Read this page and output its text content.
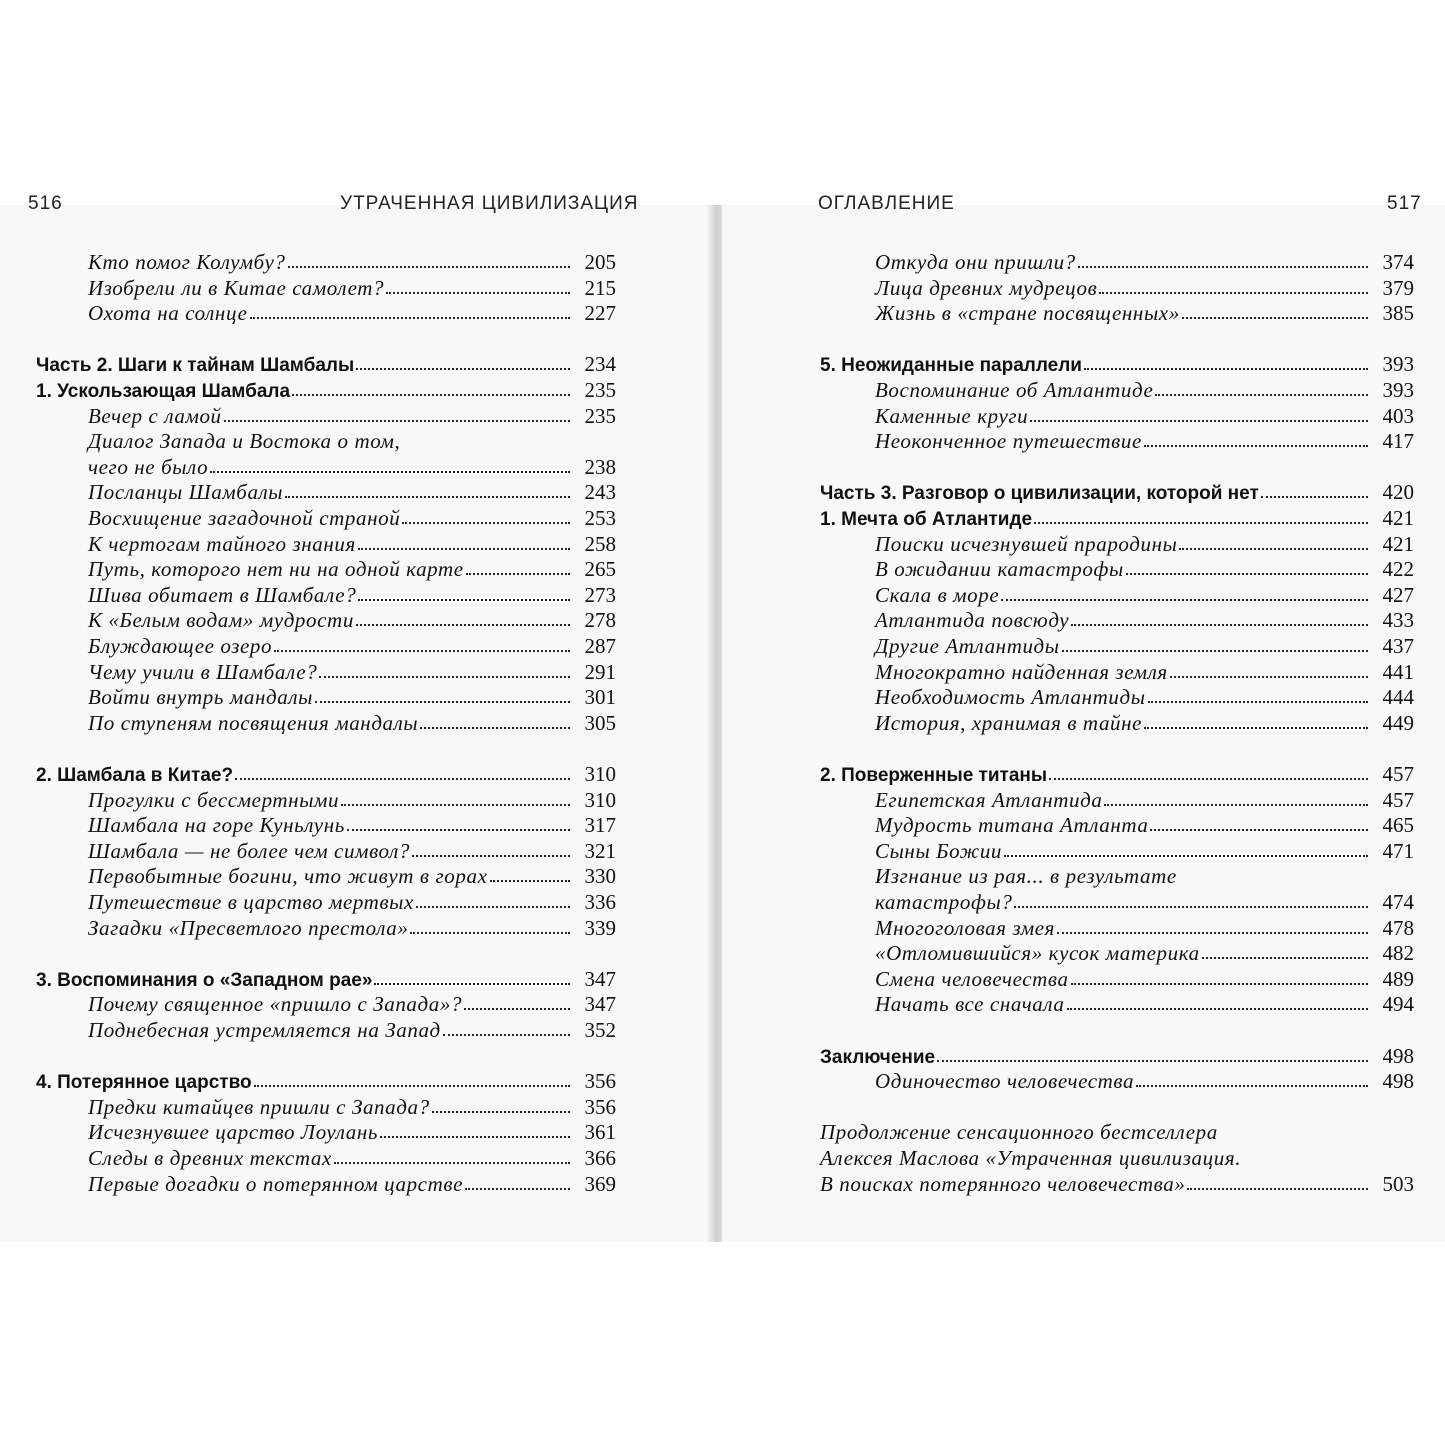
516	УТРАЧЕННАЯ ЦИВИЛИЗАЦИЯ
Кто помог Колумбу?	205
Изобрели ли в Китае самолет?	215
Охота на солнце	227
Часть 2. Шаги к тайнам Шамбалы	234
1. Ускользающая Шамбала	235
Вечер с ламой	235
Диалог Запада и Востока о том,
чего не было	238
Посланцы Шамбалы	243
Восхищение загадочной страной	253
К чертогам тайного знания	258
Путь, которого нет ни на одной карте	265
Шива обитает в Шамбале?	273
К «Белым водам» мудрости	278
Блуждающее озеро	287
Чему учили в Шамбале?	291
Войти внутрь мандалы	301
По ступеням посвящения мандалы	305
2. Шамбала в Китае?	310
Прогулки с бессмертными	310
Шамбала на горе Куньлунь	317
Шамбала — не более чем символ?	321
Первобытные богини, что живут в горах	330
Путешествие в царство мертвых	336
Загадки «Пресветлого престола»	339
3. Воспоминания о «Западном рае»	347
Почему священное «пришло с Запада»?	347
Поднебесная устремляется на Запад	352
4. Потерянное царство	356
Предки китайцев пришли с Запада?	356
Исчезнувшее царство Лоулань	361
Следы в древних текстах	366
Первые догадки о потерянном царстве	369
ОГЛАВЛЕНИЕ	517
Откуда они пришли?	374
Лица древних мудрецов	379
Жизнь в «стране посвященных»	385
5. Неожиданные параллели	393
Воспоминание об Атлантиде	393
Каменные круги	403
Неоконченное путешествие	417
Часть 3. Разговор о цивилизации, которой нет	420
1. Мечта об Атлантиде	421
Поиски исчезнувшей прародины	421
В ожидании катастрофы	422
Скала в море	427
Атлантида повсюду	433
Другие Атлантиды	437
Многократно найденная земля	441
Необходимость Атлантиды	444
История, хранимая в тайне	449
2. Поверженные титаны	457
Египетская Атлантида	457
Мудрость титана Атланта	465
Сыны Божии	471
Изгнание из рая... в результате
катастрофы?	474
Многоголовая змея	478
«Отломившийся» кусок материка	482
Смена человечества	489
Начать все сначала	494
Заключение	498
Одиночество человечества	498
Продолжение сенсационного бестселлера
Алексея Маслова «Утраченная цивилизация.
В поисках потерянного человечества»	503
